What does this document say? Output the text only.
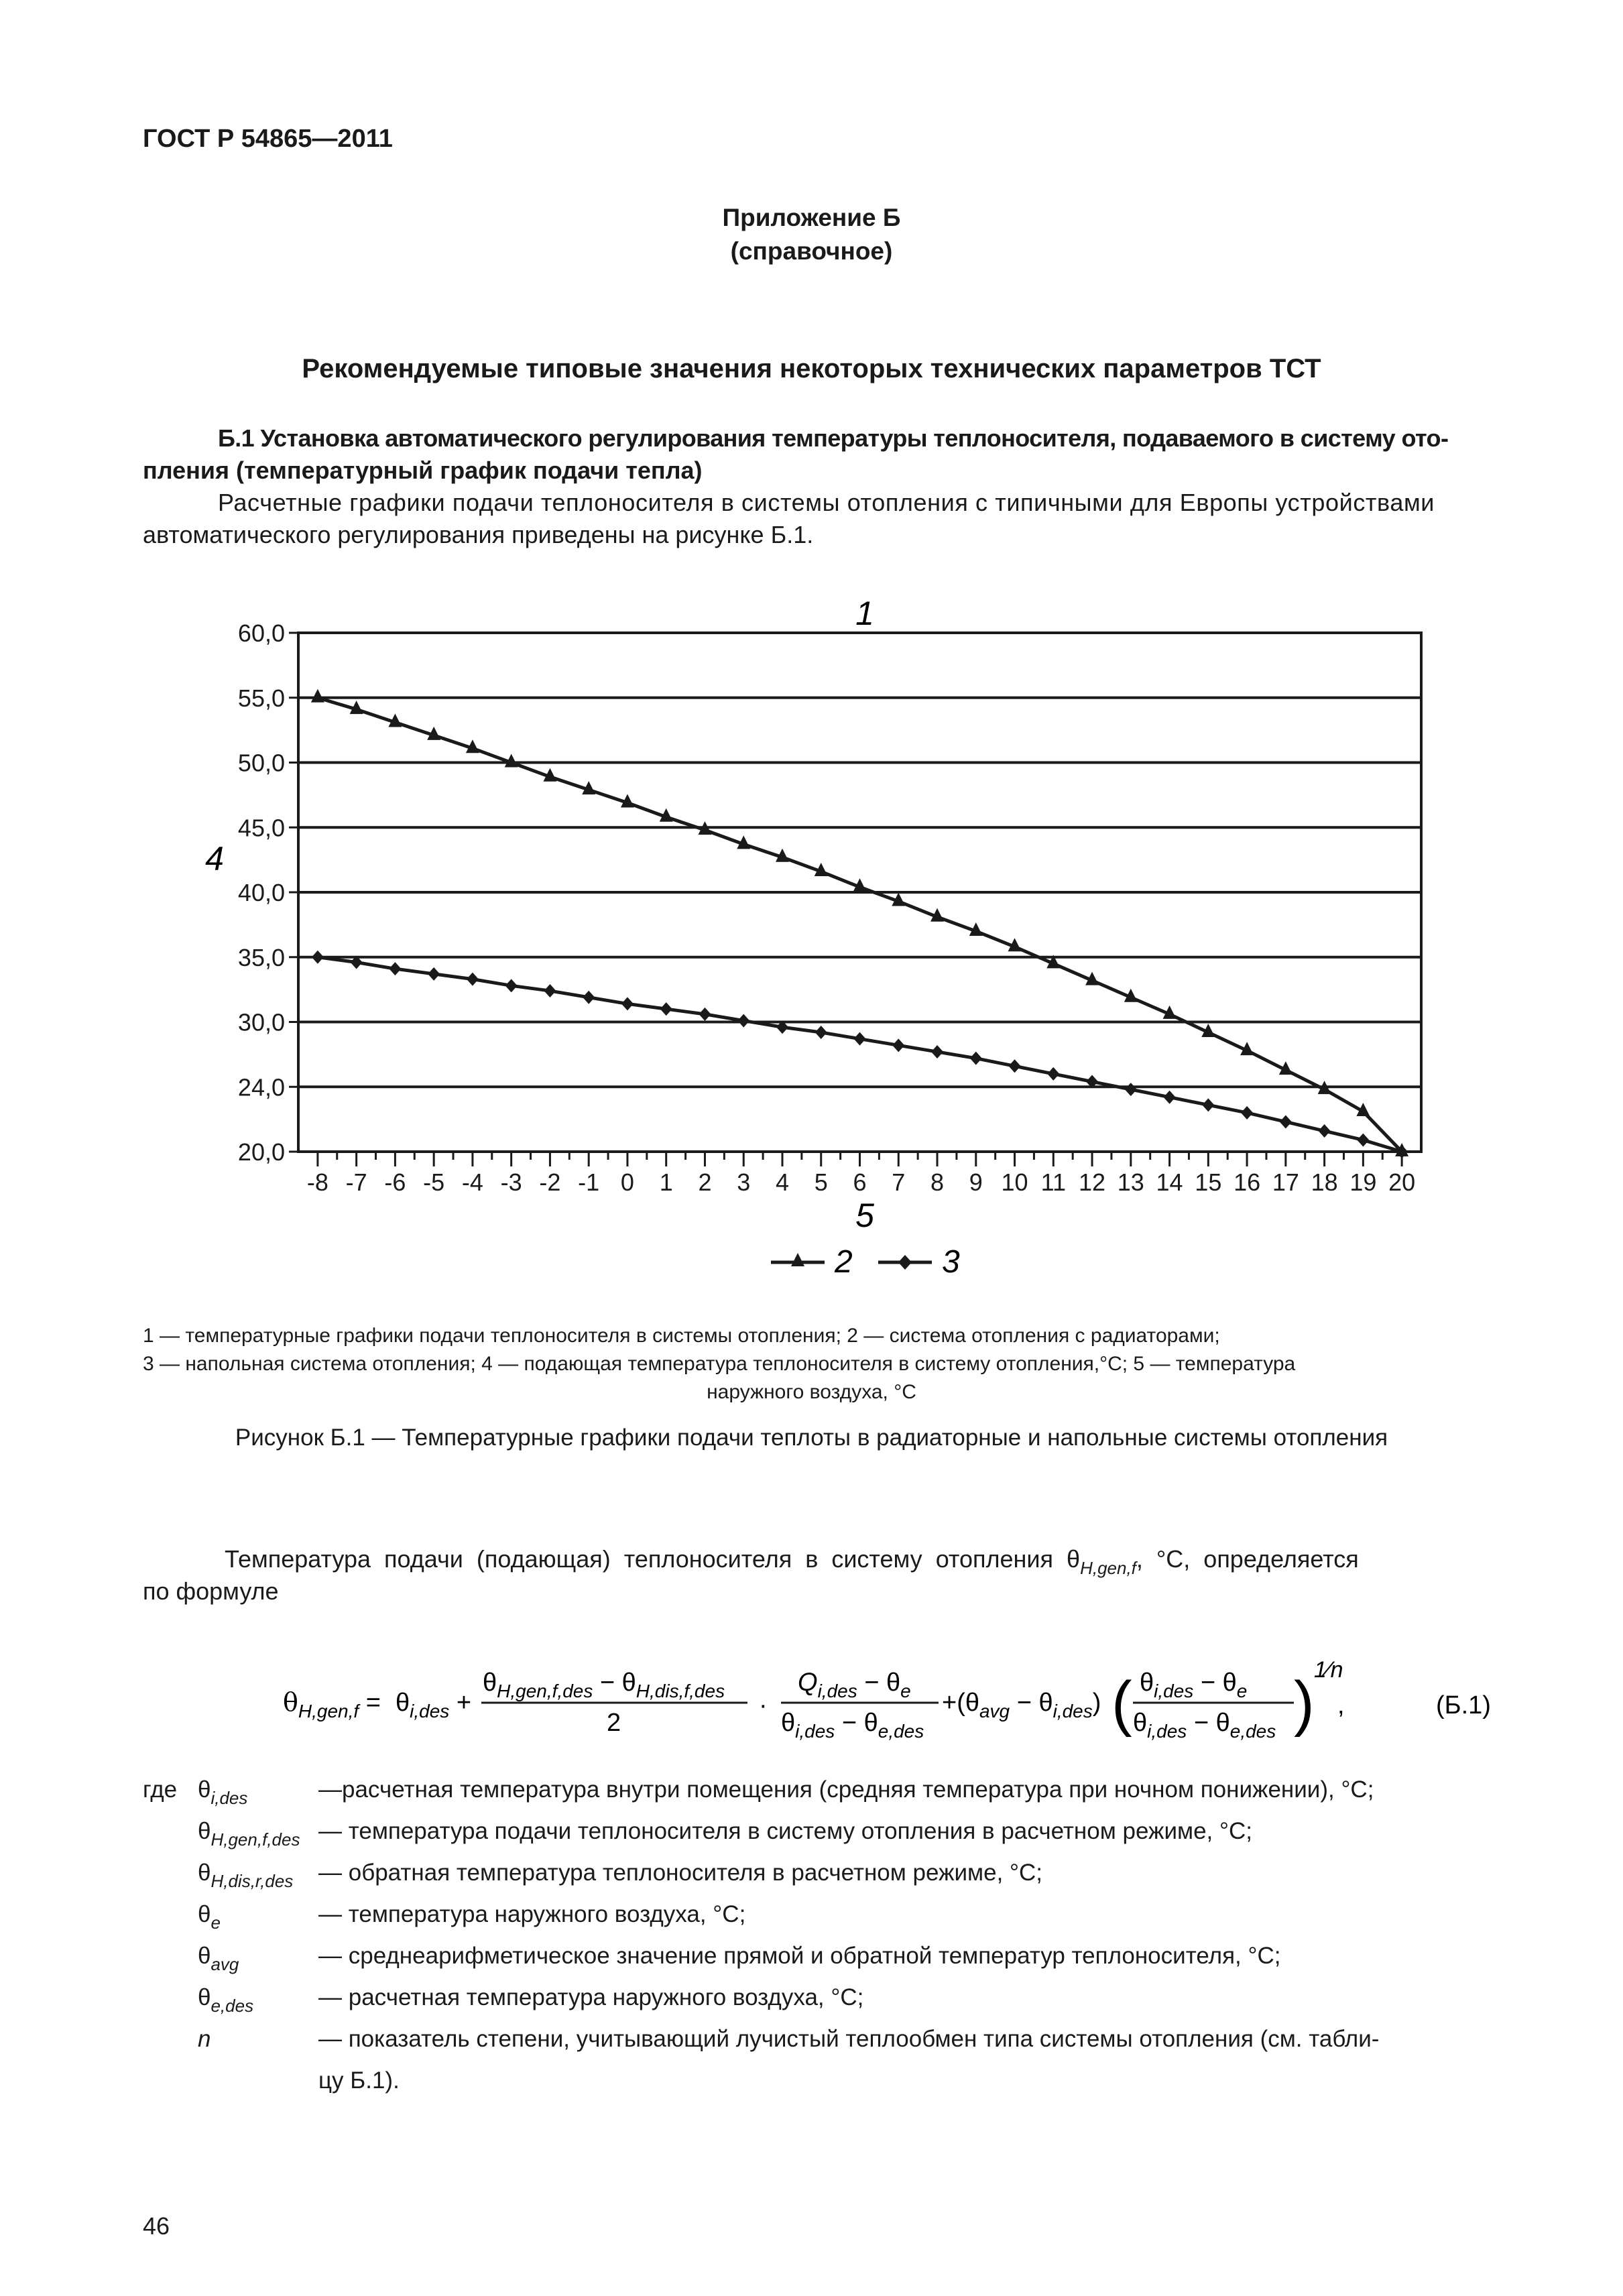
ГОСТ Р 54865—2011
Приложение Б
(справочное)
Рекомендуемые типовые значения некоторых технических параметров ТСТ
Б.1 Установка автоматического регулирования температуры теплоносителя, подаваемого в систему ото-
пления (температурный график подачи тепла)
Расчетные графики подачи теплоносителя в системы отопления с типичными для Европы устройствами
автоматического регулирования приведены на рисунке Б.1.
1
4
5
60,0
55,0
50,0
45,0
40,0
35,0
30,0
24,0
20,0
-8 -7 -6 -5 -4 -3 -2 -1 0 1 2 3 4 5 6 7 8 9 10 11 12 13 14 15 16 17 18 19 20
2	3
1 — температурные графики подачи теплоносителя в системы отопления; 2 — система отопления с радиаторами;
3 — напольная система отопления; 4 — подающая температура теплоносителя в систему отопления,°С; 5 — температура
наружного воздуха, °С
Рисунок Б.1 — Температурные графики подачи теплоты в радиаторные и напольные системы отопления
Температура подачи (подающая) теплоносителя в систему отопления $\theta_{H,gen,f}$, °С, определяется
по формуле
$\theta_{H,gen,f} = \theta_{i,des}$ +
$\theta_{H,gen,f,des} - \theta_{H,dis,f,des}$
2
·
$Q_{i,des} - \theta_e$
$\theta_{i,des} - \theta_{e,des}$
$+(\theta_{avg} - \theta_{i,des})$ ( $\theta_{i,des} - \theta_e$
$\theta_{i,des} - \theta_{e,des}$ ) 1⁄n
,	(Б.1)
где $\theta_{i,des}$	—расчетная температура внутри помещения (средняя температура при ночном понижении), °С;
$\theta_{H,gen,f,des}$ — температура подачи теплоносителя в систему отопления в расчетном режиме, °С;
$\theta_{H,dis,r,des}$	— обратная температура теплоносителя в расчетном режиме, °С;
$\theta_e$	— температура наружного воздуха, °С;
$\theta_{avg}$	— среднеарифметическое значение прямой и обратной температур теплоносителя, °С;
$\theta_{e,des}$	— расчетная температура наружного воздуха, °С;
n	— показатель степени, учитывающий лучистый теплообмен типа системы отопления (см. табли-
цу Б.1).
46
